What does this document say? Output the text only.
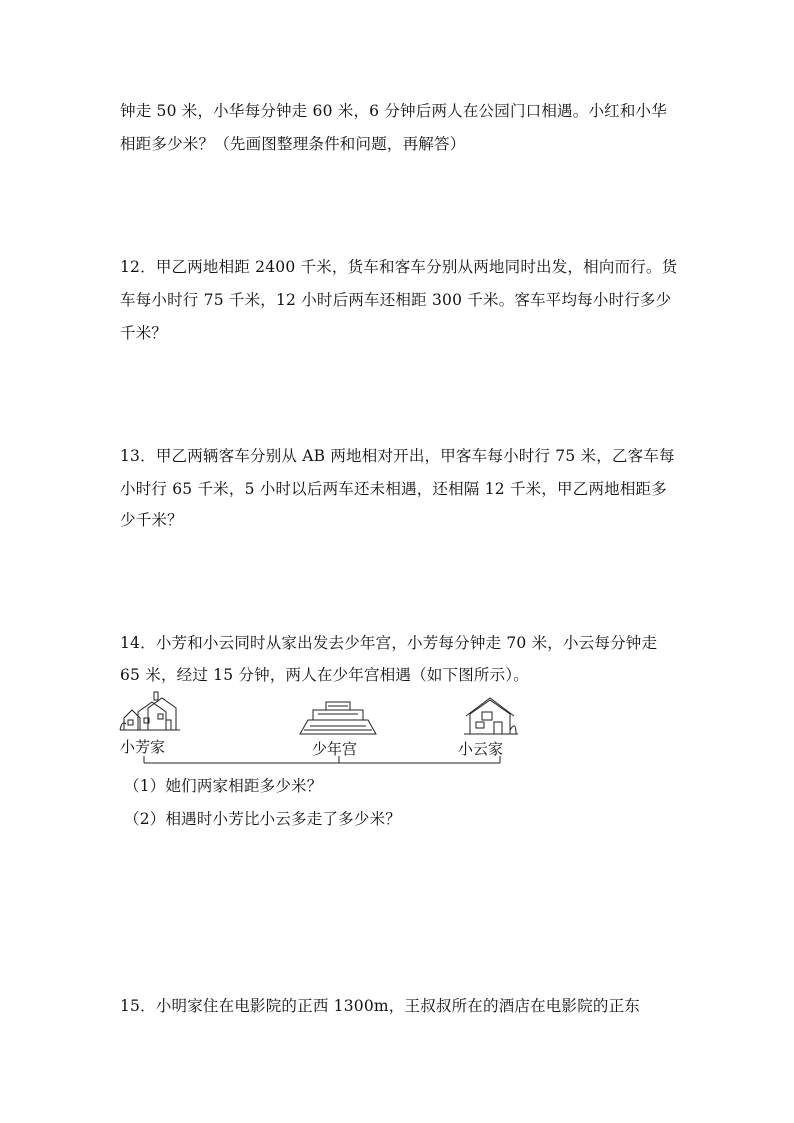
钟走 50 米，小华每分钟走 60 米，6 分钟后两人在公园门口相遇。小红和小华
相距多少米？（先画图整理条件和问题，再解答）
12．甲乙两地相距 2400 千米，货车和客车分别从两地同时出发，相向而行。货
车每小时行 75 千米，12 小时后两车还相距 300 千米。客车平均每小时行多少
千米？
13．甲乙两辆客车分别从 AB 两地相对开出，甲客车每小时行 75 米，乙客车每
小时行 65 千米，5 小时以后两车还未相遇，还相隔 12 千米，甲乙两地相距多
少千米？
14．小芳和小云同时从家出发去少年宫，小芳每分钟走 70 米，小云每分钟走
65 米，经过 15 分钟，两人在少年宫相遇（如下图所示）。
小芳家	少年宫	小云家
（1）她们两家相距多少米？
（2）相遇时小芳比小云多走了多少米？
15．小明家住在电影院的正西 1300m，王叔叔所在的酒店在电影院的正东
